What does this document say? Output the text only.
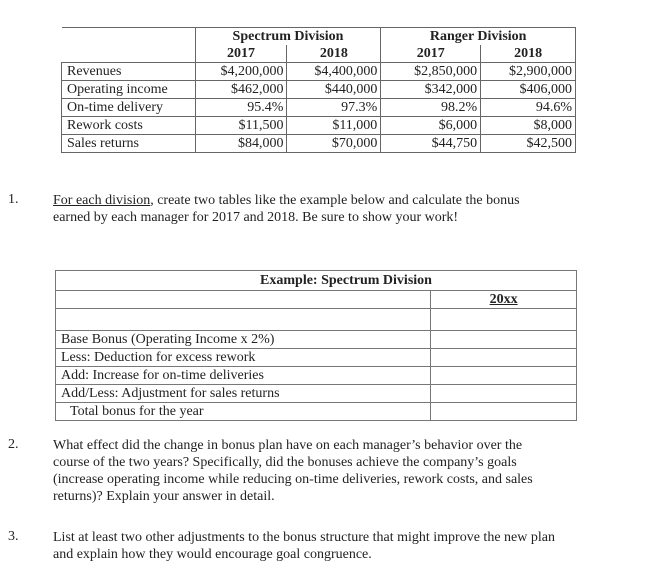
	Spectrum Division		Ranger Division	
	2017	2018	2017	2018
Revenues	$4,200,000	$4,400,000	$2,850,000	$2,900,000
Operating income	$462,000	$440,000	$342,000	$406,000
On-time delivery	95.4%	97.3%	98.2%	94.6%
Rework costs	$11,500	$11,000	$6,000	$8,000
Sales returns	$84,000	$70,000	$44,750	$42,500
1. For each division, create two tables like the example below and calculate the bonus
earned by each manager for 2017 and 2018. Be sure to show your work!
Example: Spectrum Division	
	20xx

Base Bonus (Operating Income x 2%)	
Less: Deduction for excess rework	
Add: Increase for on-time deliveries	
Add/Less: Adjustment for sales returns	
Total bonus for the year	
2. What effect did the change in bonus plan have on each manager’s behavior over the
course of the two years? Specifically, did the bonuses achieve the company’s goals
(increase operating income while reducing on-time deliveries, rework costs, and sales
returns)? Explain your answer in detail.
3. List at least two other adjustments to the bonus structure that might improve the new plan
and explain how they would encourage goal congruence.
